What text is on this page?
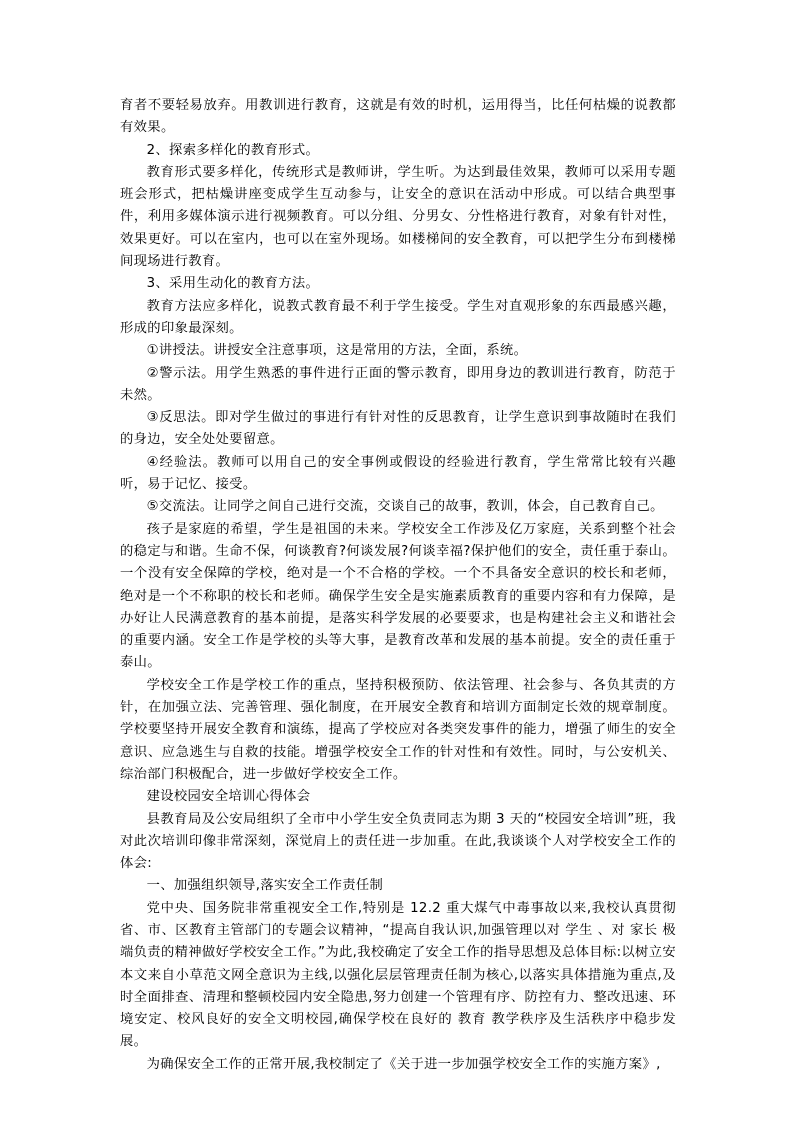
育者不要轻易放弃。用教训进行教育，这就是有效的时机，运用得当，比任何枯燥的说教都有效果。

2、探索多样化的教育形式。

教育形式要多样化，传统形式是教师讲，学生听。为达到最佳效果，教师可以采用专题班会形式，把枯燥讲座变成学生互动参与，让安全的意识在活动中形成。可以结合典型事件，利用多媒体演示进行视频教育。可以分组、分男女、分性格进行教育，对象有针对性，效果更好。可以在室内，也可以在室外现场。如楼梯间的安全教育，可以把学生分布到楼梯间现场进行教育。

3、采用生动化的教育方法。

教育方法应多样化，说教式教育最不利于学生接受。学生对直观形象的东西最感兴趣，形成的印象最深刻。

①讲授法。讲授安全注意事项，这是常用的方法，全面，系统。

②警示法。用学生熟悉的事件进行正面的警示教育，即用身边的教训进行教育，防范于未然。

③反思法。即对学生做过的事进行有针对性的反思教育，让学生意识到事故随时在我们的身边，安全处处要留意。

④经验法。教师可以用自己的安全事例或假设的经验进行教育，学生常常比较有兴趣听，易于记忆、接受。

⑤交流法。让同学之间自己进行交流，交谈自己的故事，教训，体会，自己教育自己。

孩子是家庭的希望，学生是祖国的未来。学校安全工作涉及亿万家庭，关系到整个社会的稳定与和谐。生命不保，何谈教育?何谈发展?何谈幸福?保护他们的安全，责任重于泰山。一个没有安全保障的学校，绝对是一个不合格的学校。一个不具备安全意识的校长和老师，绝对是一个不称职的校长和老师。确保学生安全是实施素质教育的重要内容和有力保障，是办好让人民满意教育的基本前提，是落实科学发展的必要要求，也是构建社会主义和谐社会的重要内涵。安全工作是学校的头等大事，是教育改革和发展的基本前提。安全的责任重于泰山。

学校安全工作是学校工作的重点，坚持积极预防、依法管理、社会参与、各负其责的方针，在加强立法、完善管理、强化制度，在开展安全教育和培训方面制定长效的规章制度。学校要坚持开展安全教育和演练，提高了学校应对各类突发事件的能力，增强了师生的安全意识、应急逃生与自救的技能。增强学校安全工作的针对性和有效性。同时，与公安机关、综治部门积极配合，进一步做好学校安全工作。

建设校园安全培训心得体会

县教育局及公安局组织了全市中小学生安全负责同志为期 3 天的“校园安全培训”班，我对此次培训印像非常深刻，深觉肩上的责任进一步加重。在此,我谈谈个人对学校安全工作的体会:

一、加强组织领导,落实安全工作责任制

党中央、国务院非常重视安全工作,特别是 12.2 重大煤气中毒事故以来,我校认真贯彻省、市、区教育主管部门的专题会议精神，“提高自我认识,加强管理以对 学生 、对 家长 极端负责的精神做好学校安全工作。”为此,我校确定了安全工作的指导思想及总体目标:以树立安本文来自小草范文网全意识为主线,以强化层层管理责任制为核心,以落实具体措施为重点,及时全面排查、清理和整顿校园内安全隐患,努力创建一个管理有序、防控有力、整改迅速、环境安定、校风良好的安全文明校园,确保学校在良好的 教育 教学秩序及生活秩序中稳步发展。

为确保安全工作的正常开展,我校制定了《关于进一步加强学校安全工作的实施方案》,
